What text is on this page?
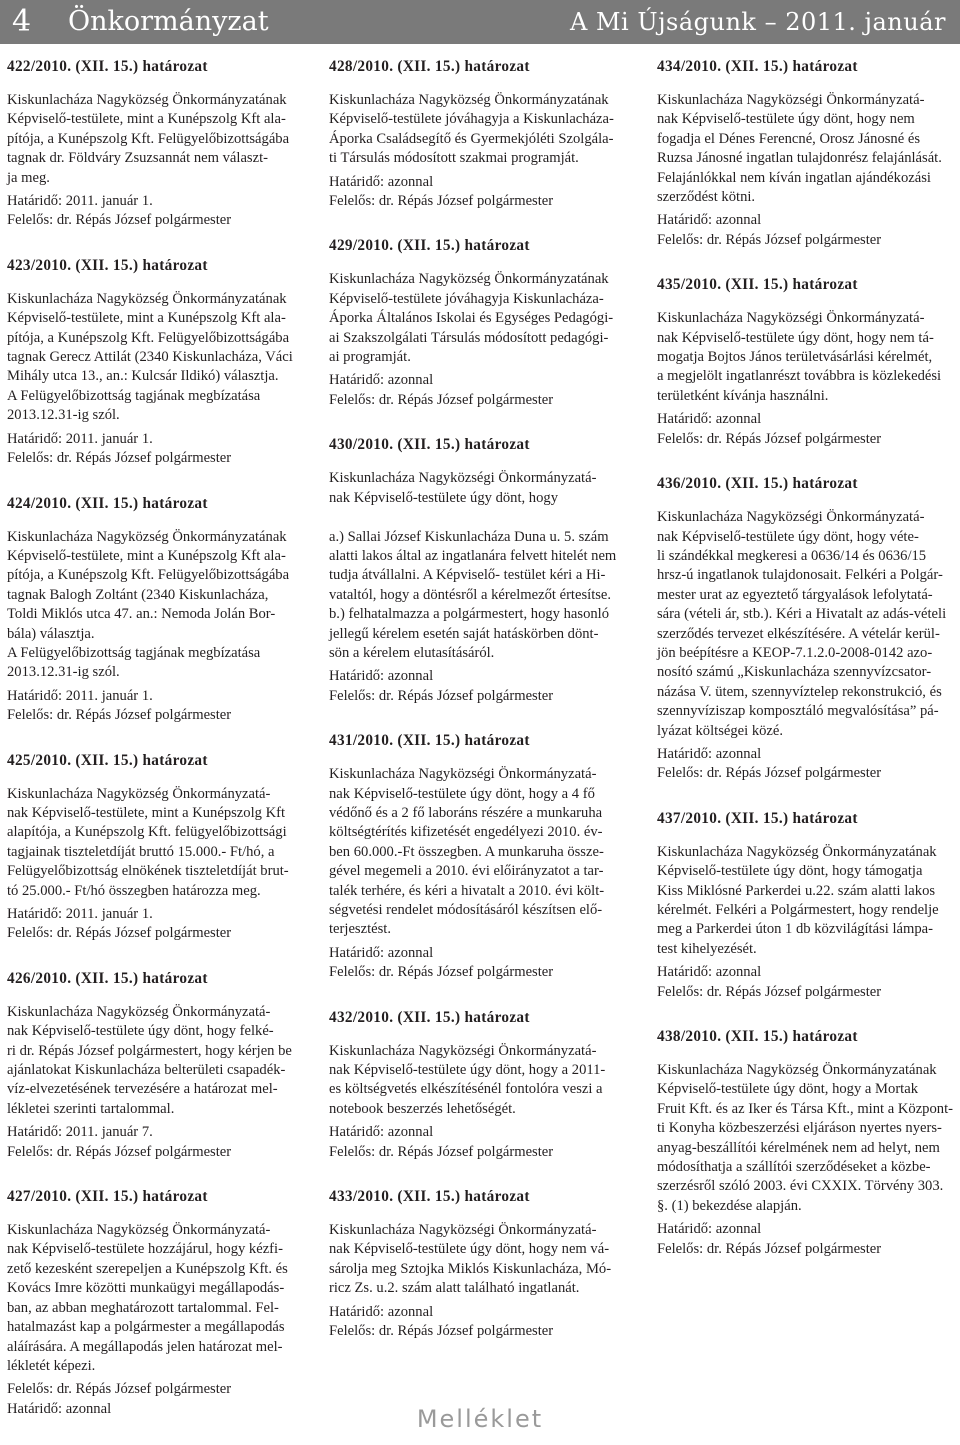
4 Önkormányzat	A Mi Újságunk – 2011. január
422/2010. (XII. 15.) határozat
Kiskunlacháza Nagyközség Önkormányzatának
Képviselő-testülete, mint a Kunépszolg Kft ala-
pítója, a Kunépszolg Kft. Felügyelőbizottságába
tagnak dr. Földváry Zsuzsannát nem választ-
ja meg.
Határidő: 2011. január 1.
Felelős: dr. Répás József polgármester
423/2010. (XII. 15.) határozat
Kiskunlacháza Nagyközség Önkormányzatának
Képviselő-testülete, mint a Kunépszolg Kft ala-
pítója, a Kunépszolg Kft. Felügyelőbizottságába
tagnak Gerecz Attilát (2340 Kiskunlacháza, Váci
Mihály utca 13., an.: Kulcsár Ildikó) választja.
A Felügyelőbizottság tagjának megbízatása
2013.12.31-ig szól.
Határidő: 2011. január 1.
Felelős: dr. Répás József polgármester
424/2010. (XII. 15.) határozat
Kiskunlacháza Nagyközség Önkormányzatának
Képviselő-testülete, mint a Kunépszolg Kft ala-
pítója, a Kunépszolg Kft. Felügyelőbizottságába
tagnak Balogh Zoltánt (2340 Kiskunlacháza,
Toldi Miklós utca 47. an.: Nemoda Jolán Bor-
bála) választja.
A Felügyelőbizottság tagjának megbízatása
2013.12.31-ig szól.
Határidő: 2011. január 1.
Felelős: dr. Répás József polgármester
425/2010. (XII. 15.) határozat
Kiskunlacháza Nagyközség Önkormányzatá-
nak Képviselő-testülete, mint a Kunépszolg Kft
alapítója, a Kunépszolg Kft. felügyelőbizottsági
tagjainak tiszteletdíját bruttó 15.000.- Ft/hó, a
Felügyelőbizottság elnökének tiszteletdíját brut-
tó 25.000.- Ft/hó összegben határozza meg.
Határidő: 2011. január 1.
Felelős: dr. Répás József polgármester
426/2010. (XII. 15.) határozat
Kiskunlacháza Nagyközség Önkormányzatá-
nak Képviselő-testülete úgy dönt, hogy felké-
ri dr. Répás József polgármestert, hogy kérjen be
ajánlatokat Kiskunlacháza belterületi csapadék-
víz-elvezetésének tervezésére a határozat mel-
lékletei szerinti tartalommal.
Határidő: 2011. január 7.
Felelős: dr. Répás József polgármester
427/2010. (XII. 15.) határozat
Kiskunlacháza Nagyközség Önkormányzatá-
nak Képviselő-testülete hozzájárul, hogy kézfi-
zető kezesként szerepeljen a Kunépszolg Kft. és
Kovács Imre közötti munkaügyi megállapodás-
ban, az abban meghatározott tartalommal. Fel-
hatalmazást kap a polgármester a megállapodás
aláírására. A megállapodás jelen határozat mel-
lékletét képezi.
Felelős: dr. Répás József polgármester
Határidő: azonnal
428/2010. (XII. 15.) határozat
Kiskunlacháza Nagyközség Önkormányzatának
Képviselő-testülete jóváhagyja a Kiskunlacháza-
Áporka Családsegítő és Gyermekjóléti Szolgála-
ti Társulás módosított szakmai programját.
Határidő: azonnal
Felelős: dr. Répás József polgármester
429/2010. (XII. 15.) határozat
Kiskunlacháza Nagyközség Önkormányzatának
Képviselő-testülete jóváhagyja Kiskunlacháza-
Áporka Általános Iskolai és Egységes Pedagógi-
ai Szakszolgálati Társulás módosított pedagógi-
ai programját.
Határidő: azonnal
Felelős: dr. Répás József polgármester
430/2010. (XII. 15.) határozat
Kiskunlacháza Nagyközségi Önkormányzatá-
nak Képviselő-testülete úgy dönt, hogy

a.) Sallai József Kiskunlacháza Duna u. 5. szám
alatti lakos által az ingatlanára felvett hitelét nem
tudja átvállalni. A Képviselő- testület kéri a Hi-
vataltól, hogy a döntésről a kérelmezőt értesítse.
b.) felhatalmazza a polgármestert, hogy hasonló
jellegű kérelem esetén saját hatáskörben dönt-
sön a kérelem elutasításáról.
Határidő: azonnal
Felelős: dr. Répás József polgármester
431/2010. (XII. 15.) határozat
Kiskunlacháza Nagyközségi Önkormányzatá-
nak Képviselő-testülete úgy dönt, hogy a 4 fő
védőnő és a 2 fő laboráns részére a munkaruha
költségtérítés kifizetését engedélyezi 2010. év-
ben 60.000.-Ft összegben. A munkaruha össze-
gével megemeli a 2010. évi előirányzatot a tar-
talék terhére, és kéri a hivatalt a 2010. évi költ-
ségvetési rendelet módosításáról készítsen elő-
terjesztést.
Határidő: azonnal
Felelős: dr. Répás József polgármester
432/2010. (XII. 15.) határozat
Kiskunlacháza Nagyközségi Önkormányzatá-
nak Képviselő-testülete úgy dönt, hogy a 2011-
es költségvetés elkészítésénél fontolóra veszi a
notebook beszerzés lehetőségét.
Határidő: azonnal
Felelős: dr. Répás József polgármester
433/2010. (XII. 15.) határozat
Kiskunlacháza Nagyközségi Önkormányzatá-
nak Képviselő-testülete úgy dönt, hogy nem vá-
sárolja meg Sztojka Miklós Kiskunlacháza, Mó-
ricz Zs. u.2. szám alatt található ingatlanát.
Határidő: azonnal
Felelős: dr. Répás József polgármester
434/2010. (XII. 15.) határozat
Kiskunlacháza Nagyközségi Önkormányzatá-
nak Képviselő-testülete úgy dönt, hogy nem
fogadja el Dénes Ferencné, Orosz Jánosné és
Ruzsa Jánosné ingatlan tulajdonrész felajánlását.
Felajánlókkal nem kíván ingatlan ajándékozási
szerződést kötni.
Határidő: azonnal
Felelős: dr. Répás József polgármester
435/2010. (XII. 15.) határozat
Kiskunlacháza Nagyközségi Önkormányzatá-
nak Képviselő-testülete úgy dönt, hogy nem tá-
mogatja Bojtos János területvásárlási kérelmét,
a megjelölt ingatlanrészt továbbra is közlekedési
területként kívánja használni.
Határidő: azonnal
Felelős: dr. Répás József polgármester
436/2010. (XII. 15.) határozat
Kiskunlacháza Nagyközségi Önkormányzatá-
nak Képviselő-testülete úgy dönt, hogy véte-
li szándékkal megkeresi a 0636/14 és 0636/15
hrsz-ú ingatlanok tulajdonosait. Felkéri a Polgár-
mester urat az egyeztető tárgyalások lefolytatá-
sára (vételi ár, stb.). Kéri a Hivatalt az adás-vételi
szerződés tervezet elkészítésére. A vételár kerül-
jön beépítésre a KEOP-7.1.2.0-2008-0142 azo-
nosító számú „Kiskunlacháza szennyvízcsator-
názása V. ütem, szennyvíztelep rekonstrukció, és
szennyvíziszap komposztáló megvalósítása” pá-
lyázat költségei közé.
Határidő: azonnal
Felelős: dr. Répás József polgármester
437/2010. (XII. 15.) határozat
Kiskunlacháza Nagyközség Önkormányzatának
Képviselő-testülete úgy dönt, hogy támogatja
Kiss Miklósné Parkerdei u.22. szám alatti lakos
kérelmét. Felkéri a Polgármestert, hogy rendelje
meg a Parkerdei úton 1 db közvilágítási lámpa-
test kihelyezését.
Határidő: azonnal
Felelős: dr. Répás József polgármester
438/2010. (XII. 15.) határozat
Kiskunlacháza Nagyközség Önkormányzatának
Képviselő-testülete úgy dönt, hogy a Mortak
Fruit Kft. és az Iker és Társa Kft., mint a Központ-
ti Konyha közbeszerzési eljáráson nyertes nyers-
anyag-beszállítói kérelmének nem ad helyt, nem
módosíthatja a szállítói szerződéseket a közbe-
szerzésről szóló 2003. évi CXXIX. Törvény 303.
§. (1) bekezdése alapján.
Határidő: azonnal
Felelős: dr. Répás József polgármester
Melléklet
